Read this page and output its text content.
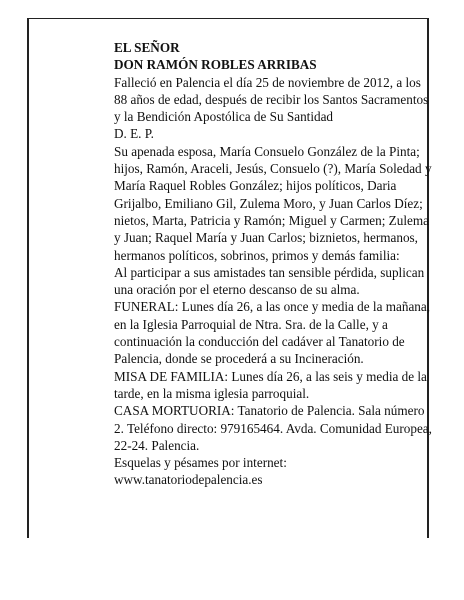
EL SEÑOR

DON RAMÓN ROBLES ARRIBAS

Falleció en Palencia el día 25 de noviembre de 2012, a los 88 años de edad, después de recibir los Santos Sacramentos y la Bendición Apostólica de Su Santidad

D. E. P.

Su apenada esposa, María Consuelo González de la Pinta; hijos, Ramón, Araceli, Jesús, Consuelo (?), María Soledad y María Raquel Robles González; hijos políticos, Daria Grijalbo, Emiliano Gil, Zulema Moro, y Juan Carlos Díez; nietos, Marta, Patricia y Ramón; Miguel y Carmen; Zulema y Juan; Raquel María y Juan Carlos; biznietos, hermanos, hermanos políticos, sobrinos, primos y demás familia:

Al participar a sus amistades tan sensible pérdida, suplican una oración por el eterno descanso de su alma.

FUNERAL: Lunes día 26, a las once y media de la mañana, en la Iglesia Parroquial de Ntra. Sra. de la Calle, y a continuación la conducción del cadáver al Tanatorio de Palencia, donde se procederá a su Incineración.

MISA DE FAMILIA: Lunes día 26, a las seis y media de la tarde, en la misma iglesia parroquial.

CASA MORTUORIA: Tanatorio de Palencia. Sala número 2. Teléfono directo: 979165464. Avda. Comunidad Europea, 22-24. Palencia.

Esquelas y pésames por internet:

www.tanatoriodepalencia.es
